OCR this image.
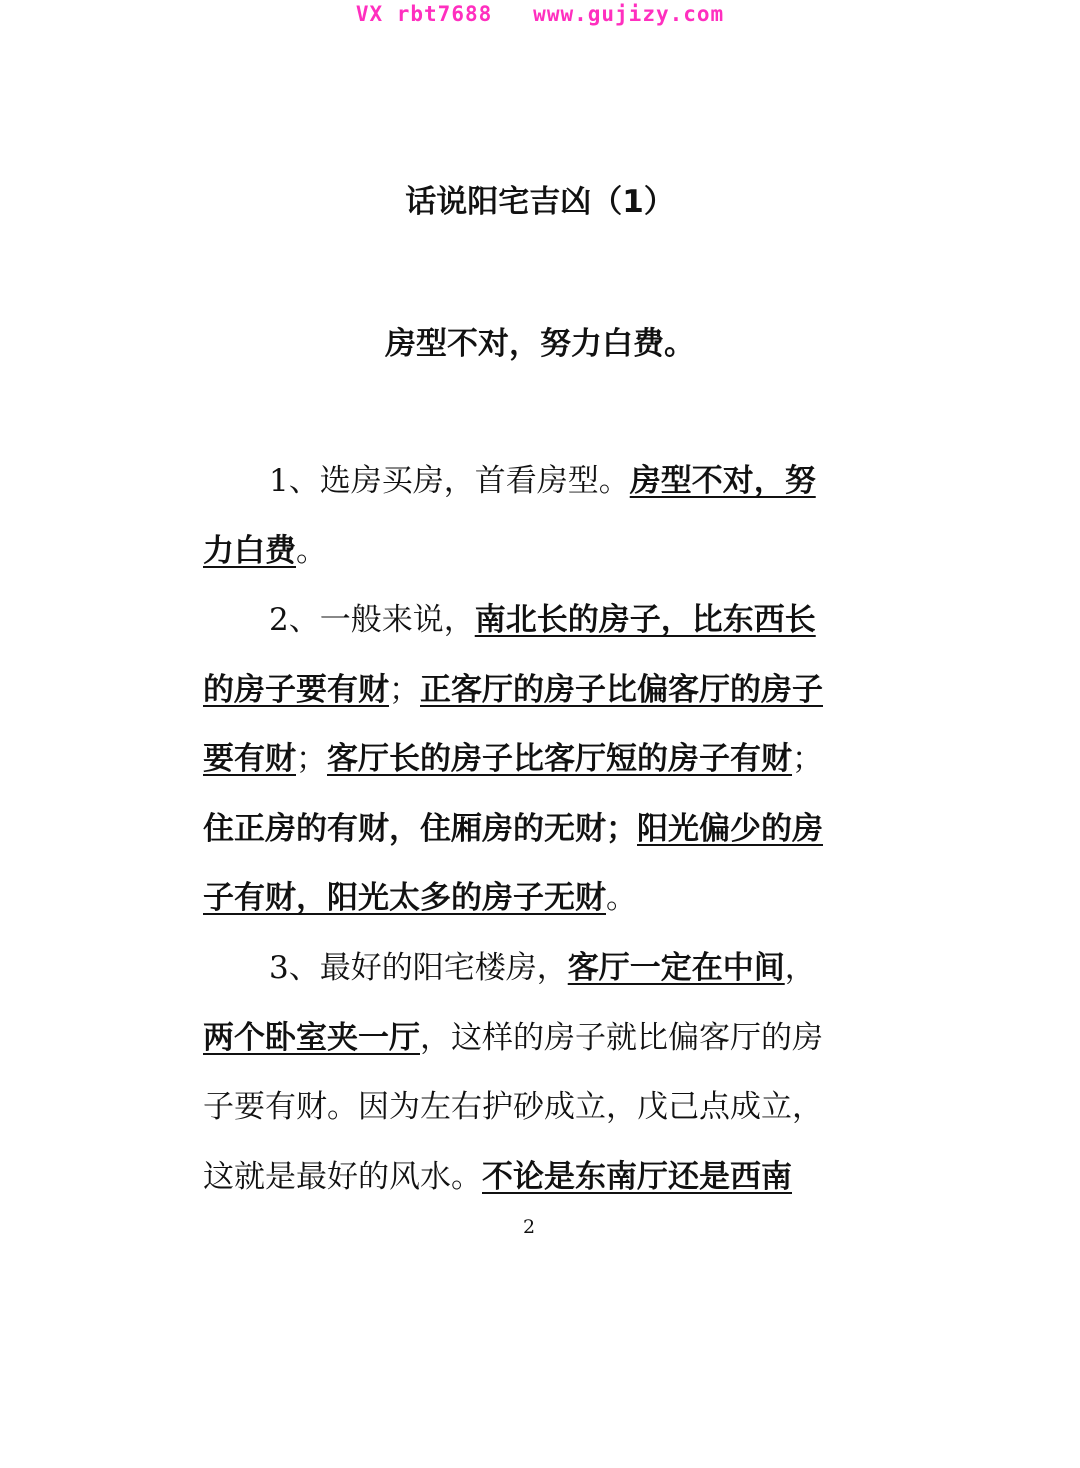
VX rbt7688   www.gujizy.com
话说阳宅吉凶（1）
房型不对，努力白费。
1、选房买房，首看房型。房型不对，努
力白费。
2、一般来说，南北长的房子，比东西长
的房子要有财；正客厅的房子比偏客厅的房子
要有财；客厅长的房子比客厅短的房子有财；
住正房的有财，住厢房的无财；阳光偏少的房
子有财，阳光太多的房子无财。
3、最好的阳宅楼房，客厅一定在中间，
两个卧室夹一厅，这样的房子就比偏客厅的房
子要有财。因为左右护砂成立，戊己点成立，
这就是最好的风水。不论是东南厅还是西南
2
